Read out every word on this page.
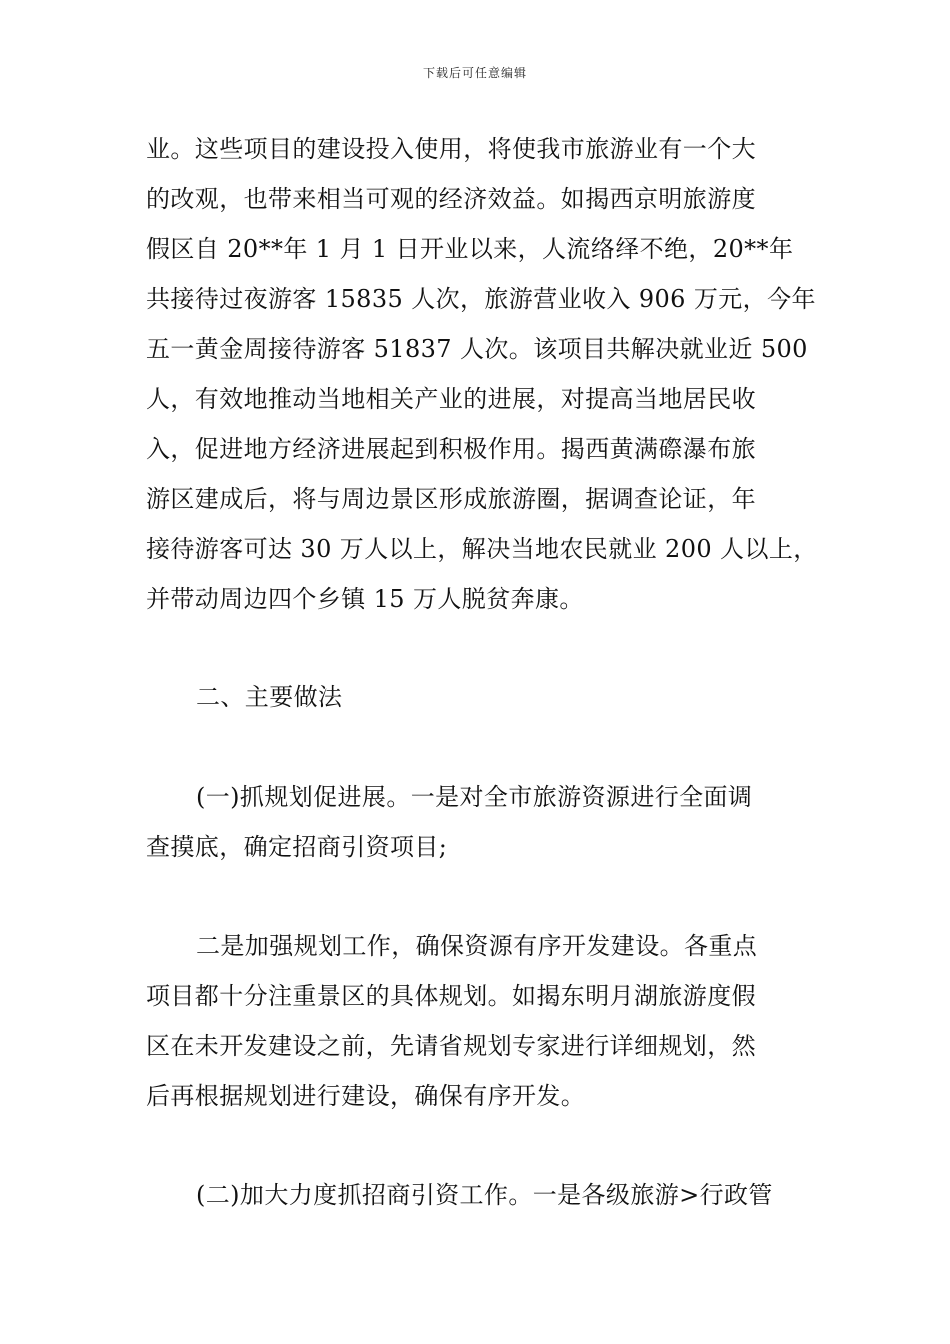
下载后可任意编辑
业。这些项目的建设投入使用，将使我市旅游业有一个大
的改观，也带来相当可观的经济效益。如揭西京明旅游度
假区自 20**年 1 月 1 日开业以来，人流络绎不绝，20**年
共接待过夜游客 15835 人次，旅游营业收入 906 万元，今年
五一黄金周接待游客 51837 人次。该项目共解决就业近 500
人，有效地推动当地相关产业的进展，对提高当地居民收
入，促进地方经济进展起到积极作用。揭西黄满磜瀑布旅
游区建成后，将与周边景区形成旅游圈，据调查论证，年
接待游客可达 30 万人以上，解决当地农民就业 200 人以上，
并带动周边四个乡镇 15 万人脱贫奔康。
二、主要做法
(一)抓规划促进展。一是对全市旅游资源进行全面调
查摸底，确定招商引资项目;
二是加强规划工作，确保资源有序开发建设。各重点
项目都十分注重景区的具体规划。如揭东明月湖旅游度假
区在未开发建设之前，先请省规划专家进行详细规划，然
后再根据规划进行建设，确保有序开发。
(二)加大力度抓招商引资工作。一是各级旅游>行政管
